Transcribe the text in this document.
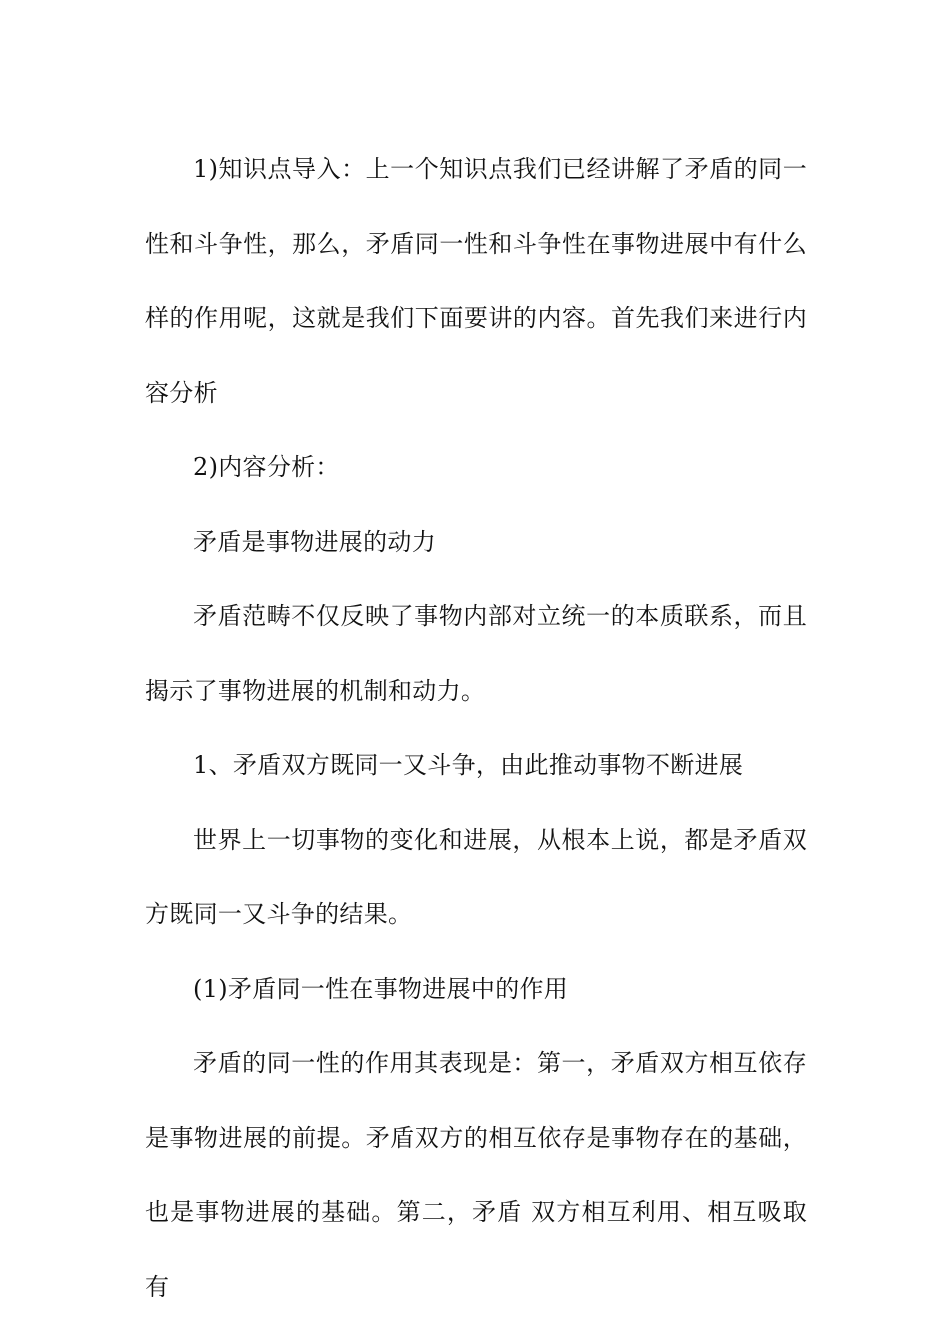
1)知识点导入：上一个知识点我们已经讲解了矛盾的同一性和斗争性，那么，矛盾同一性和斗争性在事物进展中有什么样的作用呢，这就是我们下面要讲的内容。首先我们来进行内容分析

2)内容分析：

矛盾是事物进展的动力

矛盾范畴不仅反映了事物内部对立统一的本质联系，而且揭示了事物进展的机制和动力。

1、矛盾双方既同一又斗争，由此推动事物不断进展

世界上一切事物的变化和进展，从根本上说，都是矛盾双方既同一又斗争的结果。

(1)矛盾同一性在事物进展中的作用

矛盾的同一性的作用其表现是：第一，矛盾双方相互依存是事物进展的前提。矛盾双方的相互依存是事物存在的基础，也是事物进展的基础。第二，矛盾 双方相互利用、相互吸取有
